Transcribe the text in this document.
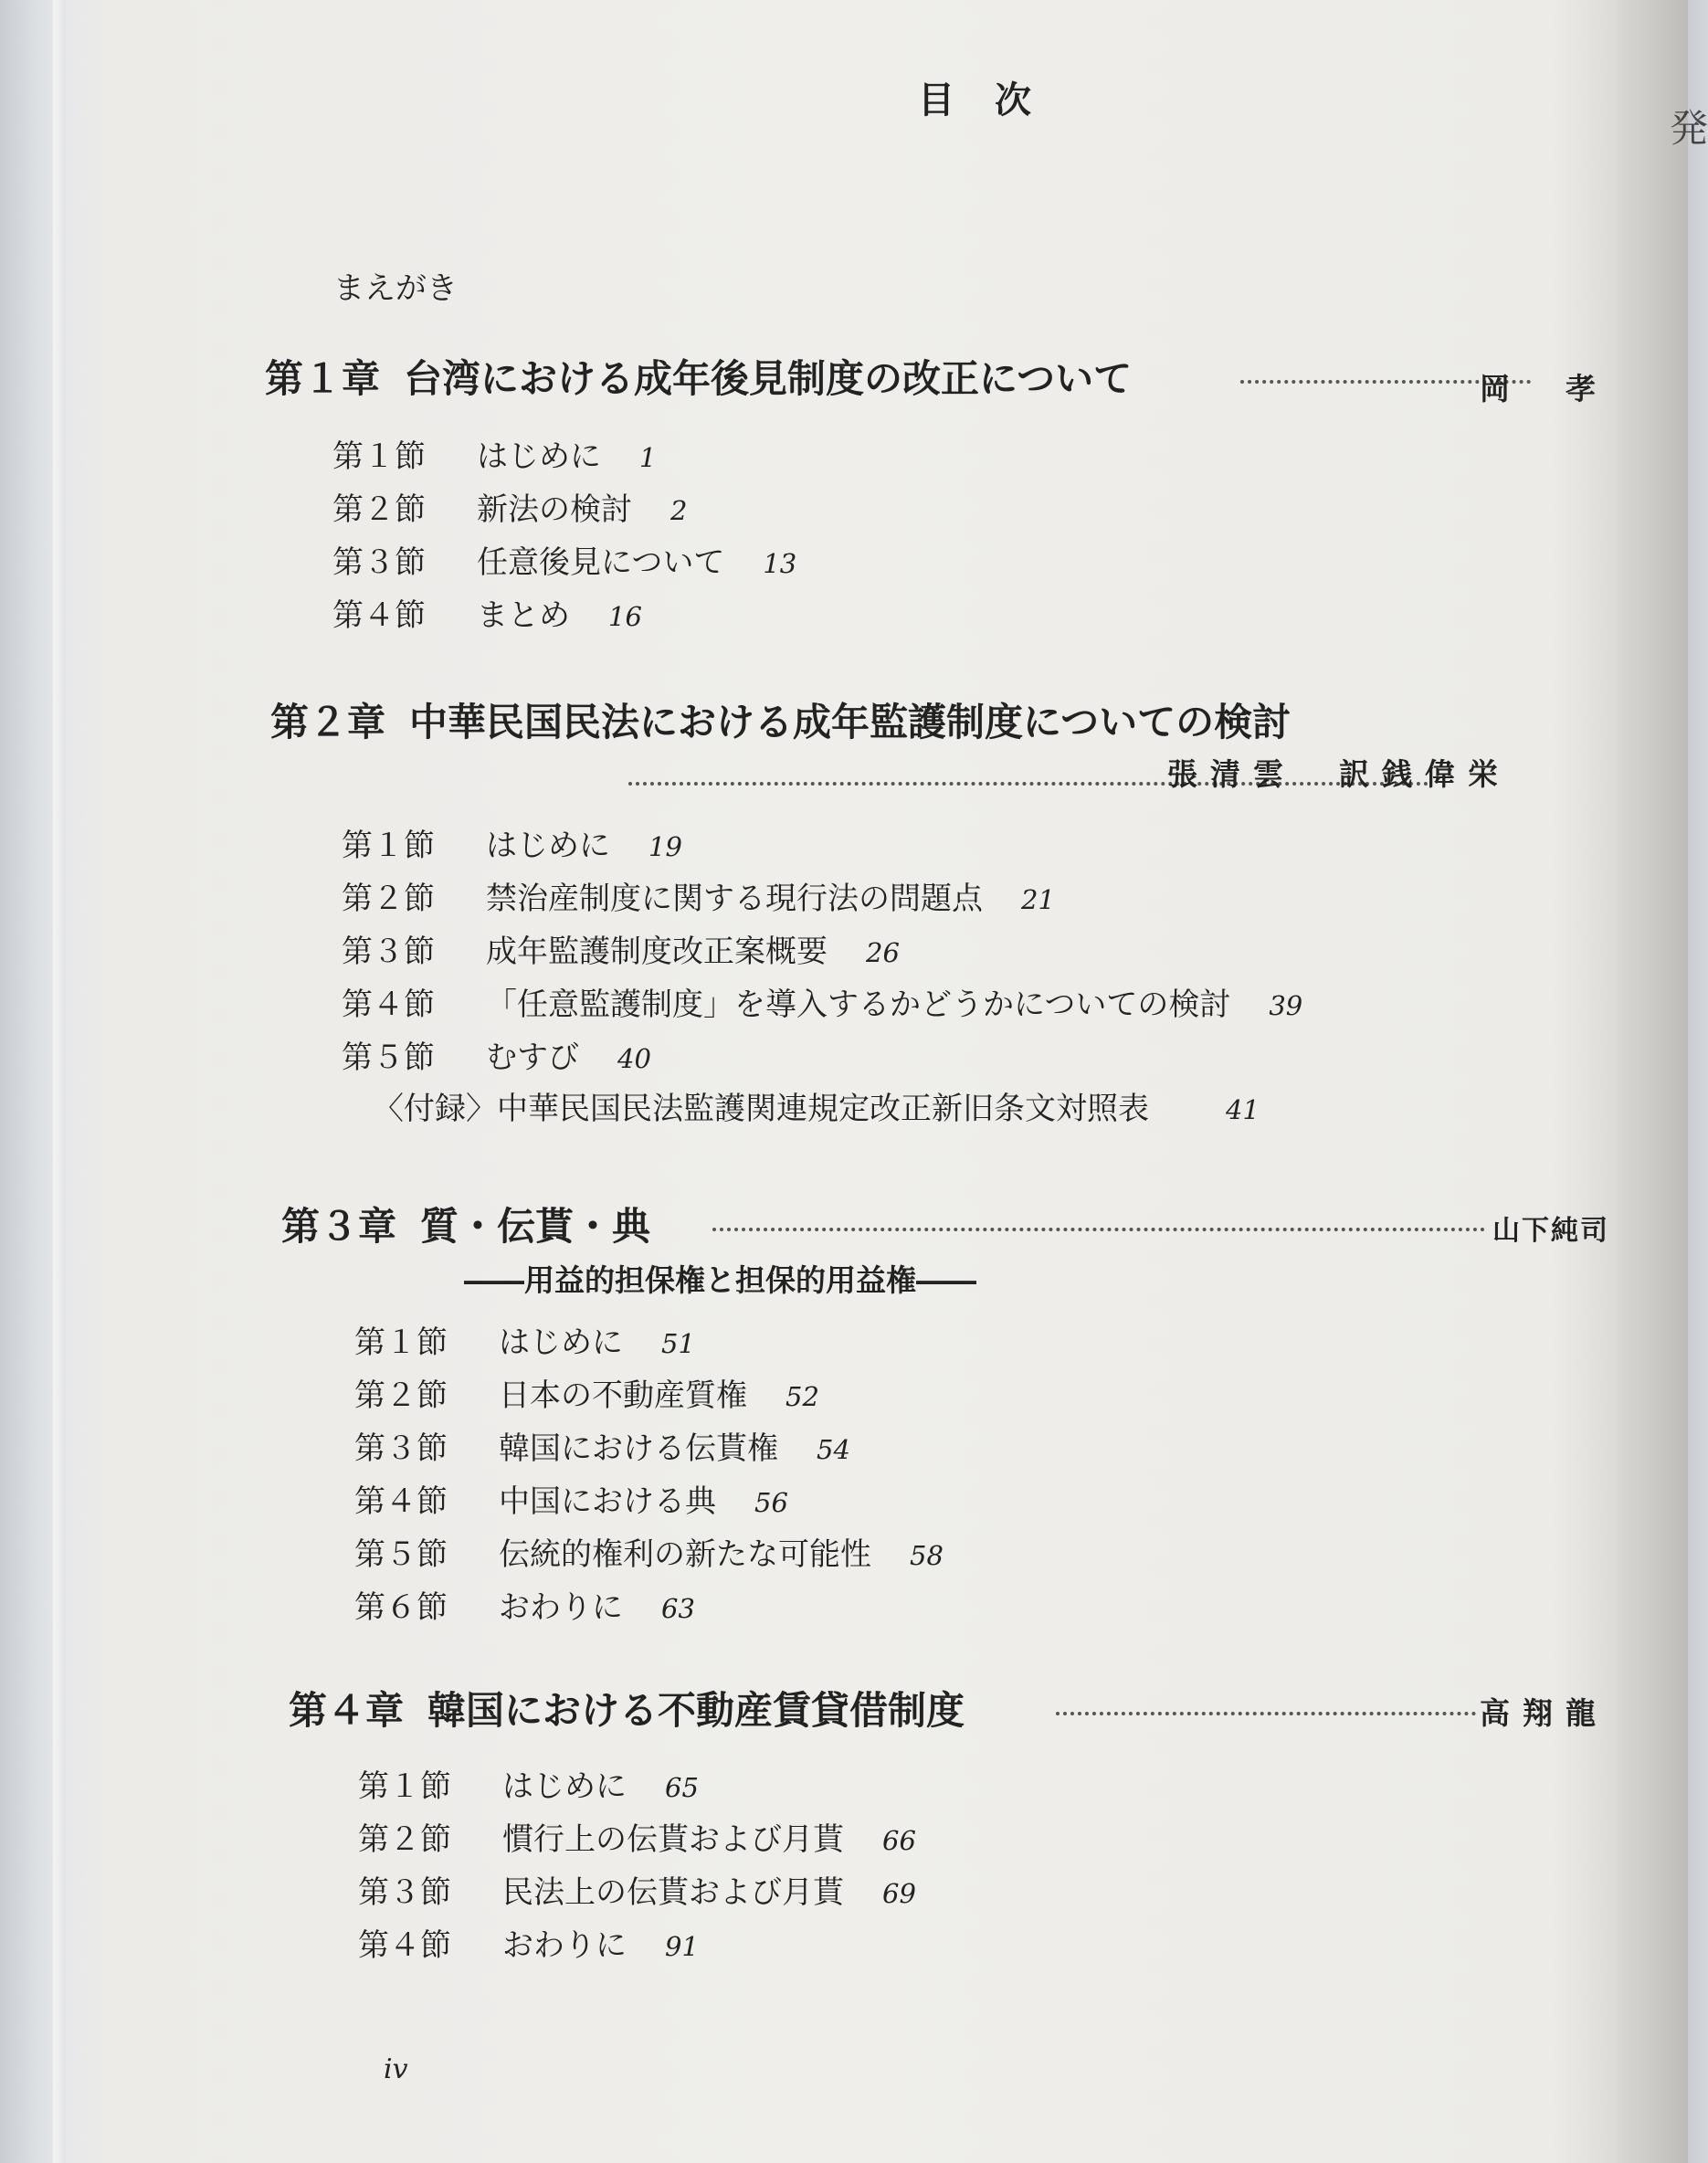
発
目次
まえがき
第１章 台湾における成年後見制度の改正について	岡　孝
第１節 はじめに 1
第２節 新法の検討 2
第３節 任意後見について 13
第４節 まとめ 16
第２章 中華民国民法における成年監護制度についての検討
張清雲　訳銭偉栄
第１節 はじめに 19
第２節 禁治産制度に関する現行法の問題点 21
第３節 成年監護制度改正案概要 26
第４節 「任意監護制度」を導入するかどうかについての検討 39
第５節 むすび 40
〈付録〉中華民国民法監護関連規定改正新旧条文対照表	41
第３章 質・伝貰・典	山下純司
――用益的担保権と担保的用益権――
第１節 はじめに 51
第２節 日本の不動産質権 52
第３節 韓国における伝貰権 54
第４節 中国における典 56
第５節 伝統的権利の新たな可能性 58
第６節 おわりに 63
第４章 韓国における不動産賃貸借制度	高翔龍
第１節 はじめに 65
第２節 慣行上の伝貰および月貰 66
第３節 民法上の伝貰および月貰 69
第４節 おわりに 91
iv
